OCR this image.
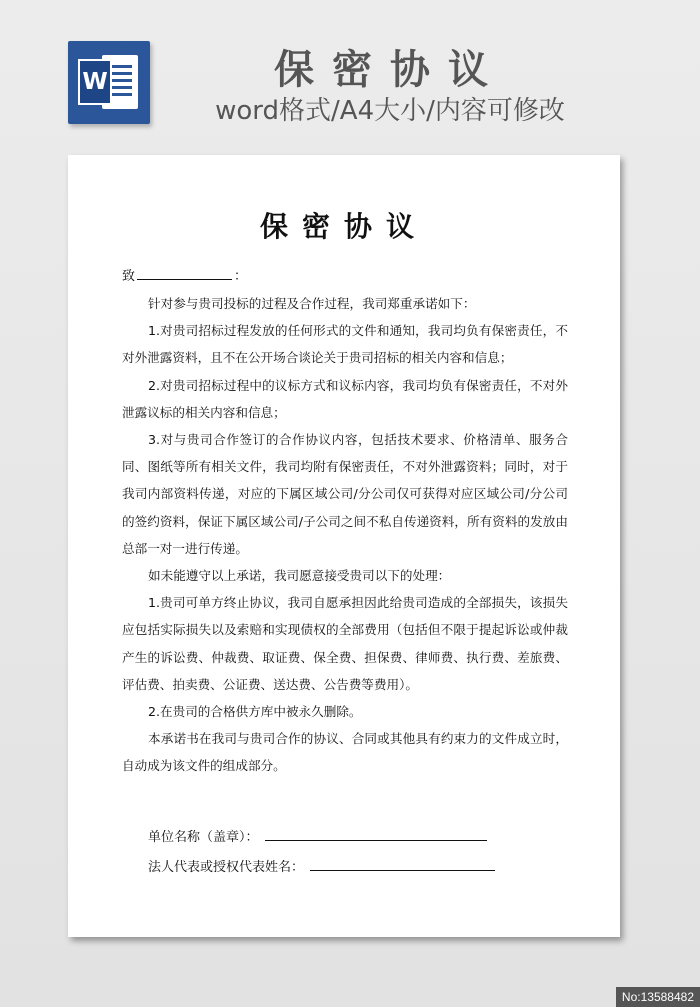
W	保密协议
word格式/A4大小/内容可修改
保密协议
致	：

针对参与贵司投标的过程及合作过程，我司郑重承诺如下：

1.对贵司招标过程发放的任何形式的文件和通知，我司均负有保密责任，不对外泄露资料，且不在公开场合谈论关于贵司招标的相关内容和信息；

2.对贵司招标过程中的议标方式和议标内容，我司均负有保密责任，不对外泄露议标的相关内容和信息；

3.对与贵司合作签订的合作协议内容，包括技术要求、价格清单、服务合同、图纸等所有相关文件，我司均附有保密责任，不对外泄露资料；同时，对于我司内部资料传递，对应的下属区域公司/分公司仅可获得对应区域公司/分公司的签约资料，保证下属区域公司/子公司之间不私自传递资料，所有资料的发放由总部一对一进行传递。

如未能遵守以上承诺，我司愿意接受贵司以下的处理：

1.贵司可单方终止协议，我司自愿承担因此给贵司造成的全部损失，该损失应包括实际损失以及索赔和实现债权的全部费用（包括但不限于提起诉讼或仲裁产生的诉讼费、仲裁费、取证费、保全费、担保费、律师费、执行费、差旅费、评估费、拍卖费、公证费、送达费、公告费等费用）。

2.在贵司的合格供方库中被永久删除。

本承诺书在我司与贵司合作的协议、合同或其他具有约束力的文件成立时，自动成为该文件的组成部分。

单位名称（盖章）：
法人代表或授权代表姓名：
No:13588482
